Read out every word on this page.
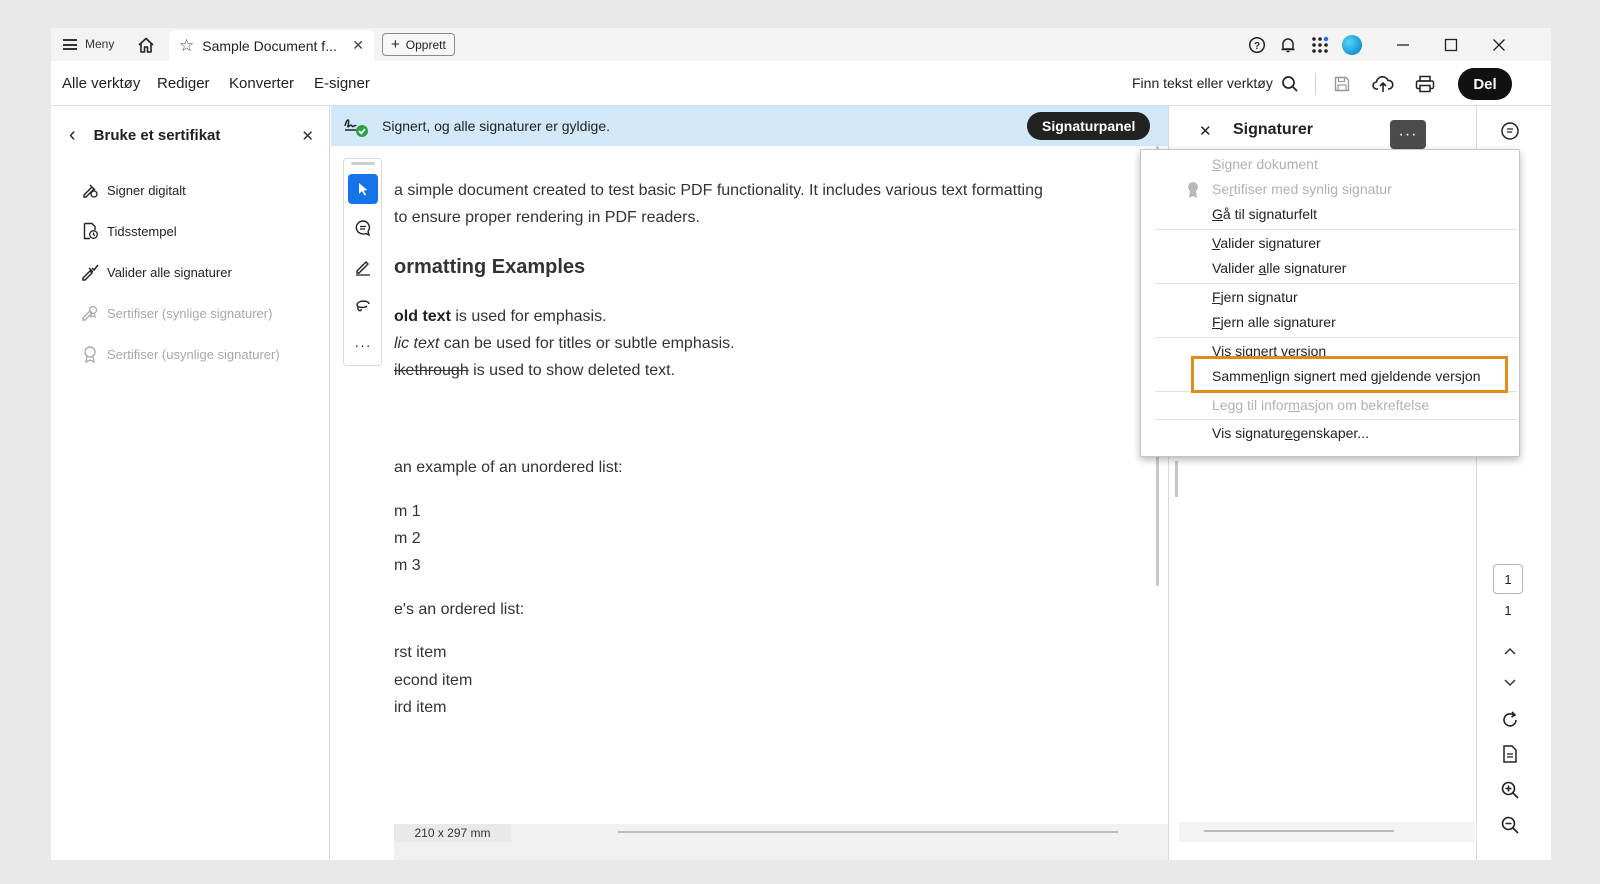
Meny	☆ Sample Document f...	✕ + Opprett	?
Alle verktøy Rediger Konverter E-signer	Finn tekst eller verktøy	Del
‹ Bruke et sertifikat	✕
Signer digitalt
Tidsstempel
Valider alle signaturer
Sertifiser (synlige signaturer)
Sertifiser (usynlige signaturer)
Signert, og alle signaturer er gyldige.	Signaturpanel
a simple document created to test basic PDF functionality. It includes various text formatting
to ensure proper rendering in PDF readers.
ormatting Examples
old text is used for emphasis.
lic text can be used for titles or subtle emphasis.
ikethrough is used to show deleted text.
an example of an unordered list:
m 1
m 2
m 3
e's an ordered list:
rst item
econd item
ird item
···
210 x 297 mm
✕ Signaturer
1
1
···
Signer dokument
Sertifiser med synlig signatur
Gå til signaturfelt
Valider signaturer
Valider alle signaturer
Fjern signatur
Fjern alle signaturer
Vis signert versjon
Sammenlign signert med gjeldende versjon
Legg til informasjon om bekreftelse
Vis signaturegenskaper...
